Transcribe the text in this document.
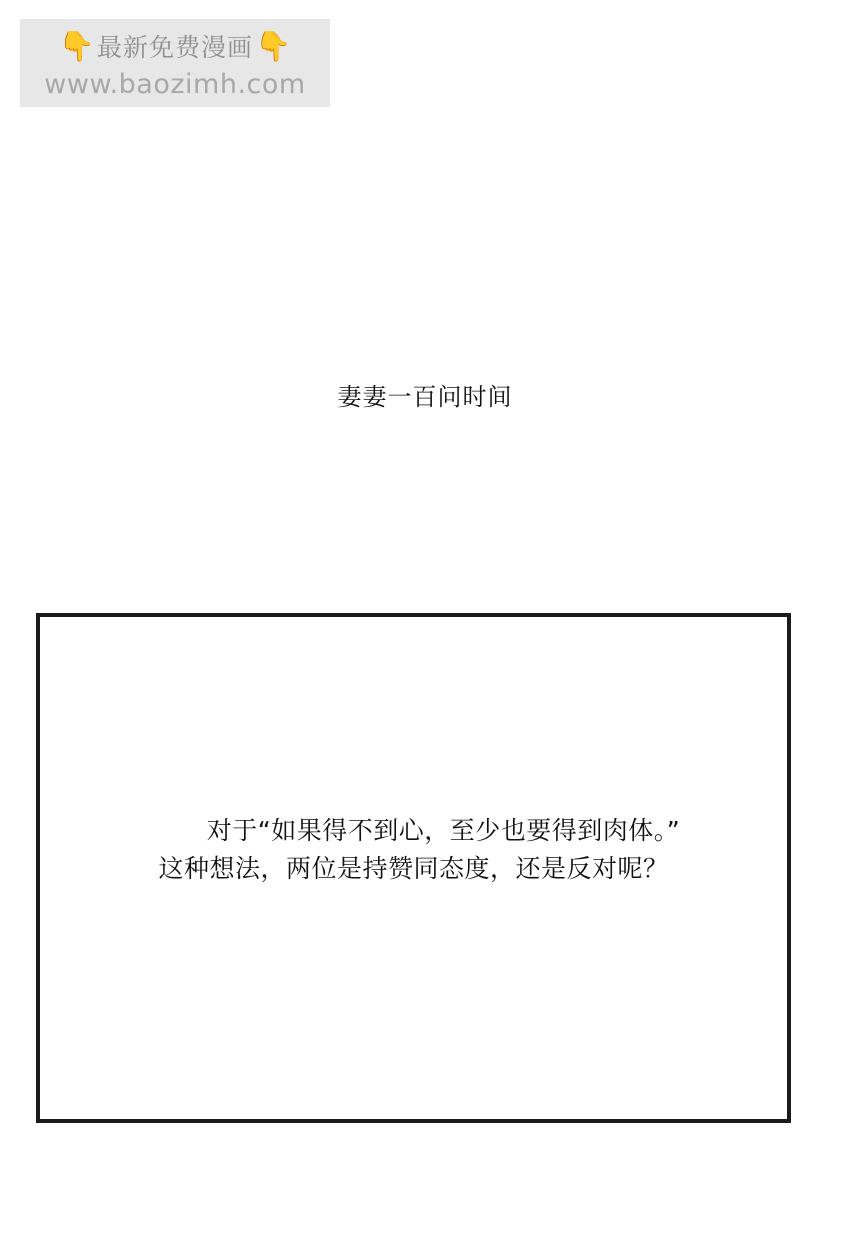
👇 最新免费漫画 👇
www.baozimh.com
妻妻一百问时间
对于“如果得不到心，至少也要得到肉体。”
这种想法，两位是持赞同态度，还是反对呢？
